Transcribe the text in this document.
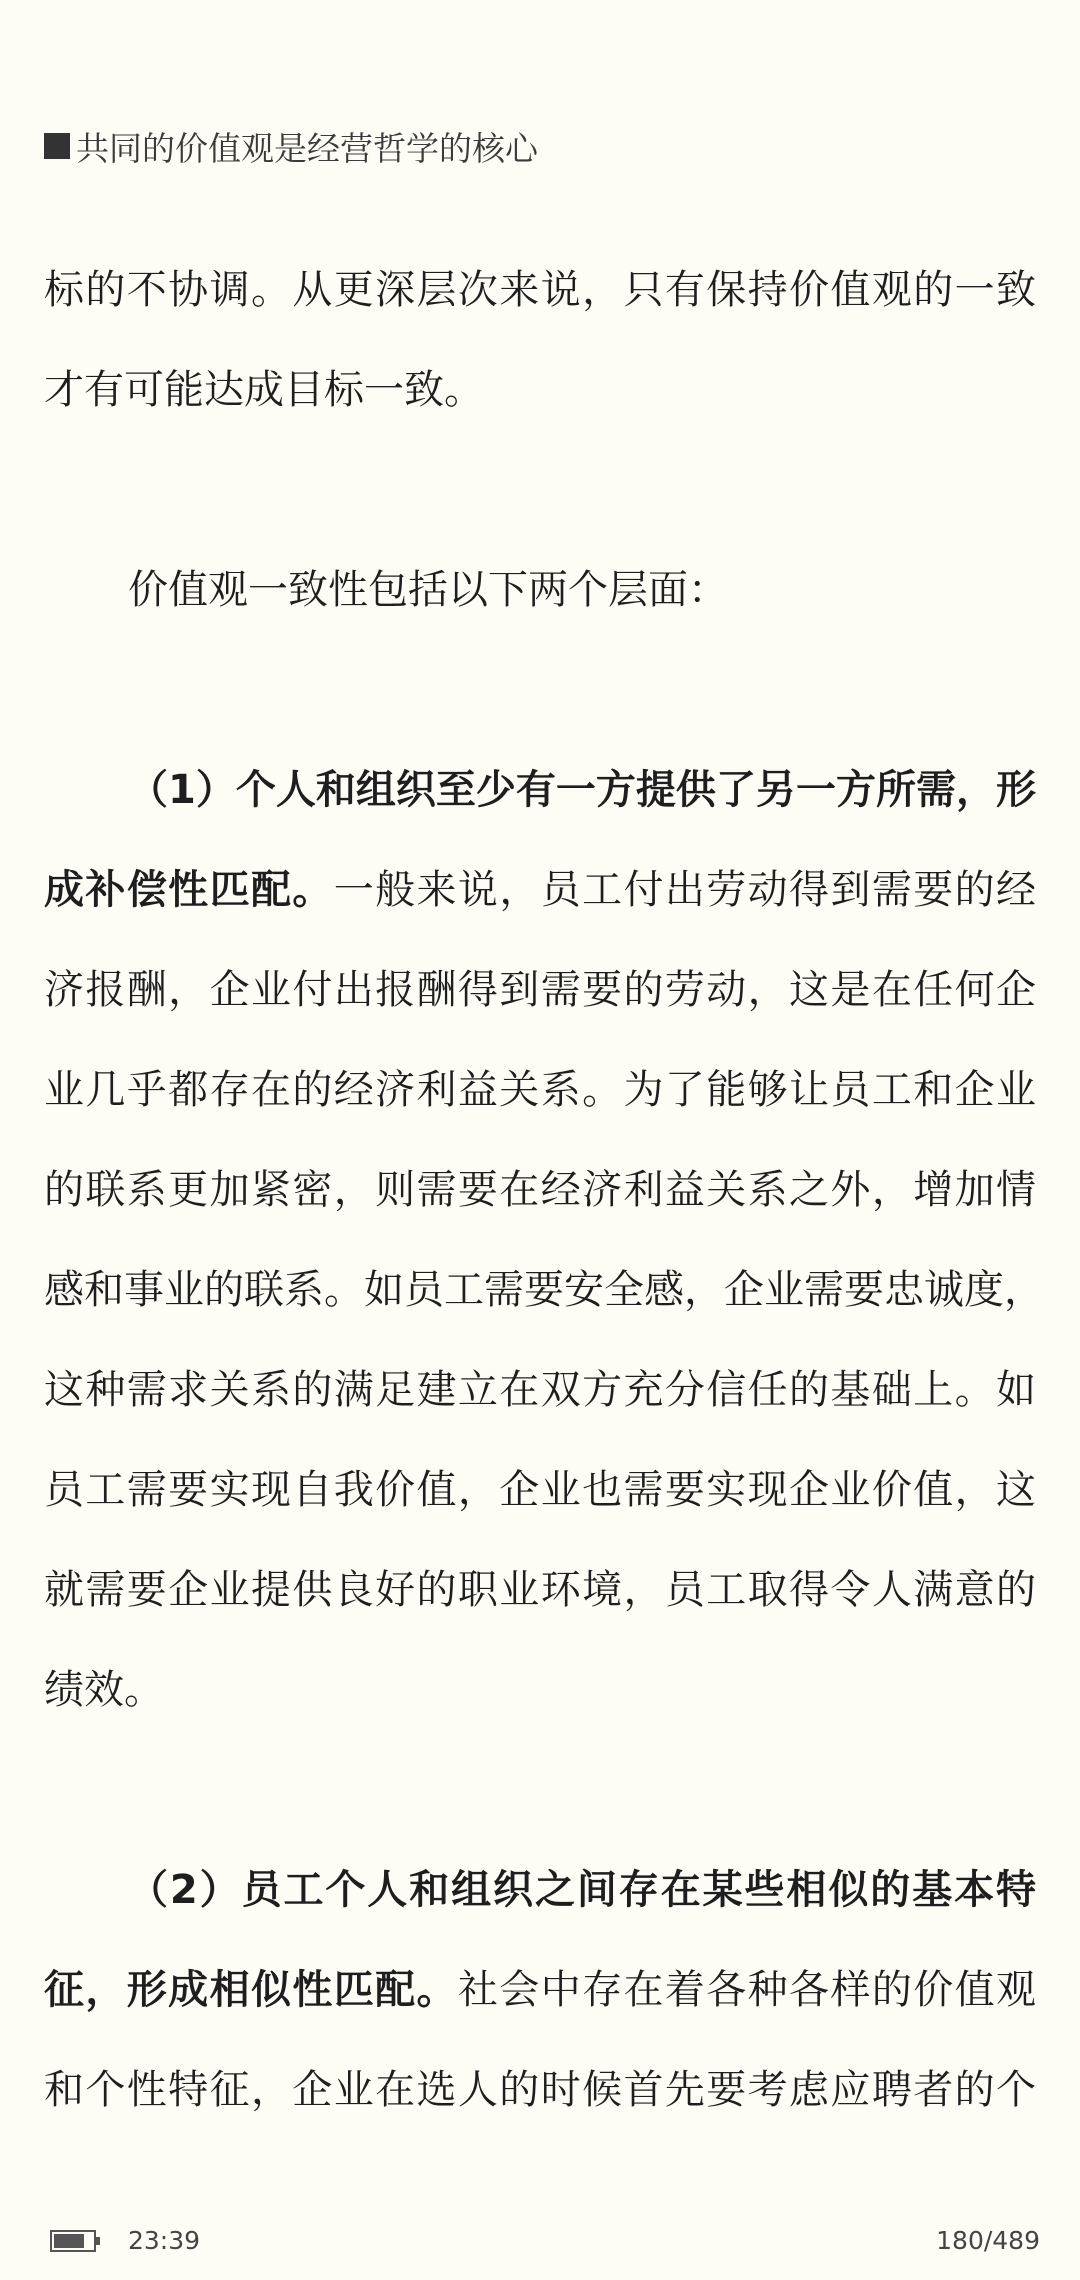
共同的价值观是经营哲学的核心
标的不协调。从更深层次来说，只有保持价值观的一致
才有可能达成目标一致。
价值观一致性包括以下两个层面：
（1）个人和组织至少有一方提供了另一方所需，形
成补偿性匹配。一般来说，员工付出劳动得到需要的经
济报酬，企业付出报酬得到需要的劳动，这是在任何企
业几乎都存在的经济利益关系。为了能够让员工和企业
的联系更加紧密，则需要在经济利益关系之外，增加情
感和事业的联系。如员工需要安全感，企业需要忠诚度，
这种需求关系的满足建立在双方充分信任的基础上。如
员工需要实现自我价值，企业也需要实现企业价值，这
就需要企业提供良好的职业环境，员工取得令人满意的
绩效。
（2）员工个人和组织之间存在某些相似的基本特
征，形成相似性匹配。社会中存在着各种各样的价值观
和个性特征，企业在选人的时候首先要考虑应聘者的个
23:39	180/489
